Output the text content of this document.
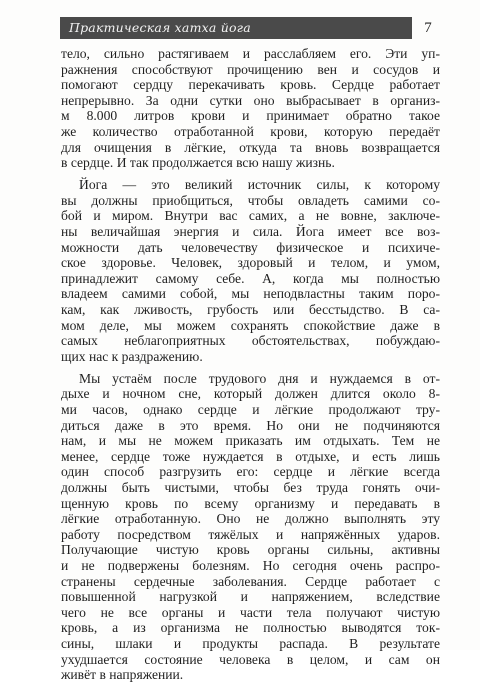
Практическая хатха йога	7
тело, сильно растягиваем и расслабляем его. Эти уп-
ражнения способствуют прочищению вен и сосудов и
помогают сердцу перекачивать кровь. Сердце работает
непрерывно. За одни сутки оно выбрасывает в организ-
м 8.000 литров крови и принимает обратно такое
же количество отработанной крови, которую передаёт
для очищения в лёгкие, откуда та вновь возвращается
в сердце. И так продолжается всю нашу жизнь.
Йога — это великий источник силы, к которому
вы должны приобщиться, чтобы овладеть самими со-
бой и миром. Внутри вас самих, а не вовне, заключе-
ны величайшая энергия и сила. Йога имеет все воз-
можности дать человечеству физическое и психиче-
ское здоровье. Человек, здоровый и телом, и умом,
принадлежит самому себе. А, когда мы полностью
владеем самими собой, мы неподвластны таким поро-
кам, как лживость, грубость или бесстыдство. В са-
мом деле, мы можем сохранять спокойствие даже в
самых неблагоприятных обстоятельствах, побуждаю-
щих нас к раздражению.
Мы устаём после трудового дня и нуждаемся в от-
дыхе и ночном сне, который должен длится около 8-
ми часов, однако сердце и лёгкие продолжают тру-
диться даже в это время. Но они не подчиняются
нам, и мы не можем приказать им отдыхать. Тем не
менее, сердце тоже нуждается в отдыхе, и есть лишь
один способ разгрузить его: сердце и лёгкие всегда
должны быть чистыми, чтобы без труда гонять очи-
щенную кровь по всему организму и передавать в
лёгкие отработанную. Оно не должно выполнять эту
работу посредством тяжёлых и напряжённых ударов.
Получающие чистую кровь органы сильны, активны
и не подвержены болезням. Но сегодня очень распро-
странены сердечные заболевания. Сердце работает с
повышенной нагрузкой и напряжением, вследствие
чего не все органы и части тела получают чистую
кровь, а из организма не полностью выводятся ток-
сины, шлаки и продукты распада. В результате
ухудшается состояние человека в целом, и сам он
живёт в напряжении.
